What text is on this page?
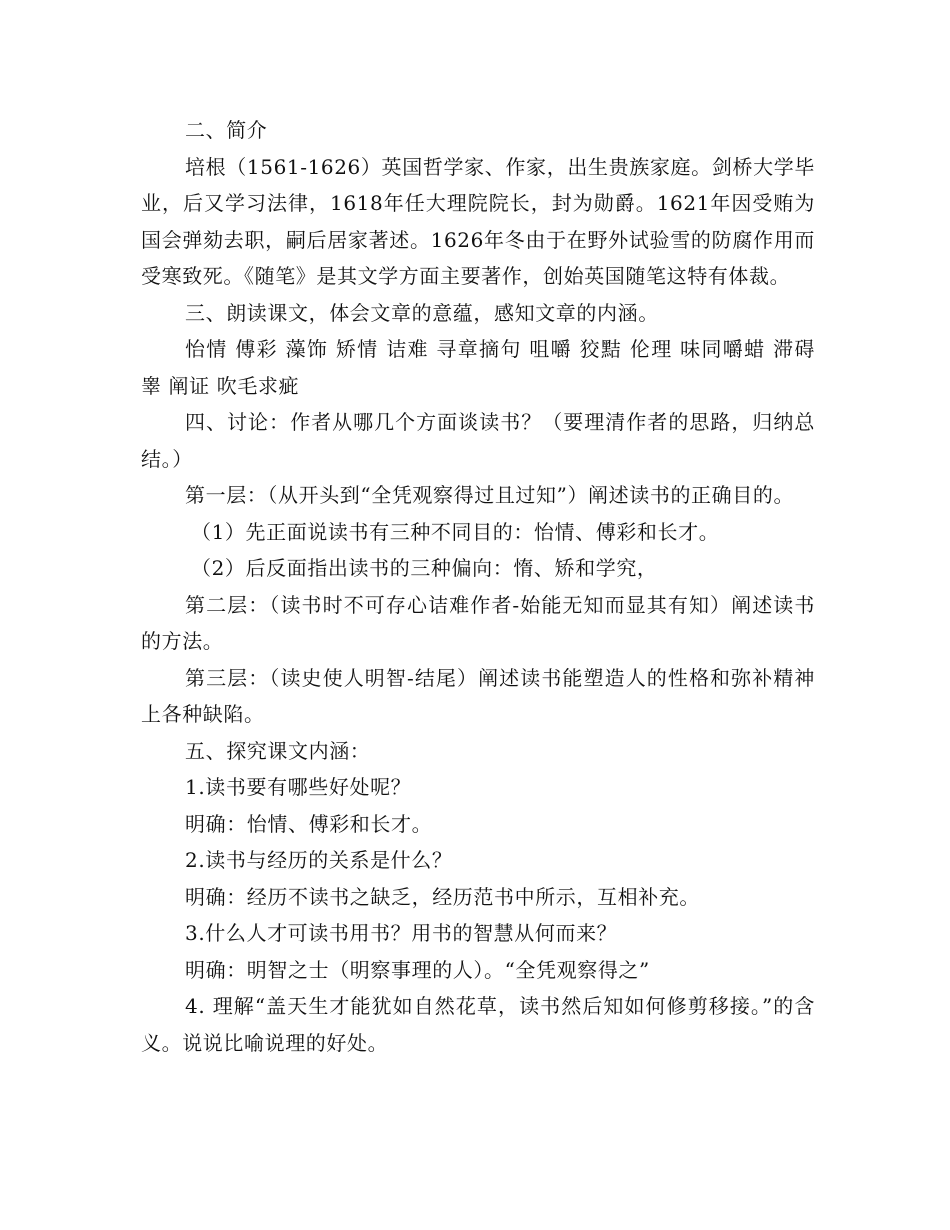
二、简介

培根（1561-1626）英国哲学家、作家，出生贵族家庭。剑桥大学毕业，后又学习法律，1618年任大理院院长，封为勋爵。1621年因受贿为国会弹劾去职，嗣后居家著述。1626年冬由于在野外试验雪的防腐作用而受寒致死。《随笔》是其文学方面主要著作，创始英国随笔这特有体裁。

三、朗读课文，体会文章的意蕴，感知文章的内涵。

怡情 傅彩 藻饰 矫情 诘难 寻章摘句 咀嚼 狡黠 伦理 味同嚼蜡 滞碍 睾 阐证 吹毛求疵

四、讨论：作者从哪几个方面谈读书？（要理清作者的思路，归纳总结。）

第一层：（从开头到“全凭观察得过且过知”）阐述读书的正确目的。

（1）先正面说读书有三种不同目的：怡情、傅彩和长才。

（2）后反面指出读书的三种偏向：惰、矫和学究，

第二层：（读书时不可存心诘难作者-始能无知而显其有知）阐述读书的方法。

第三层：（读史使人明智-结尾）阐述读书能塑造人的性格和弥补精神上各种缺陷。

五、探究课文内涵：

1.读书要有哪些好处呢？

明确：怡情、傅彩和长才。

2.读书与经历的关系是什么？

明确：经历不读书之缺乏，经历范书中所示，互相补充。

3.什么人才可读书用书？用书的智慧从何而来？

明确：明智之士（明察事理的人）。“全凭观察得之”

4. 理解“盖天生才能犹如自然花草，读书然后知如何修剪移接。”的含义。说说比喻说理的好处。
